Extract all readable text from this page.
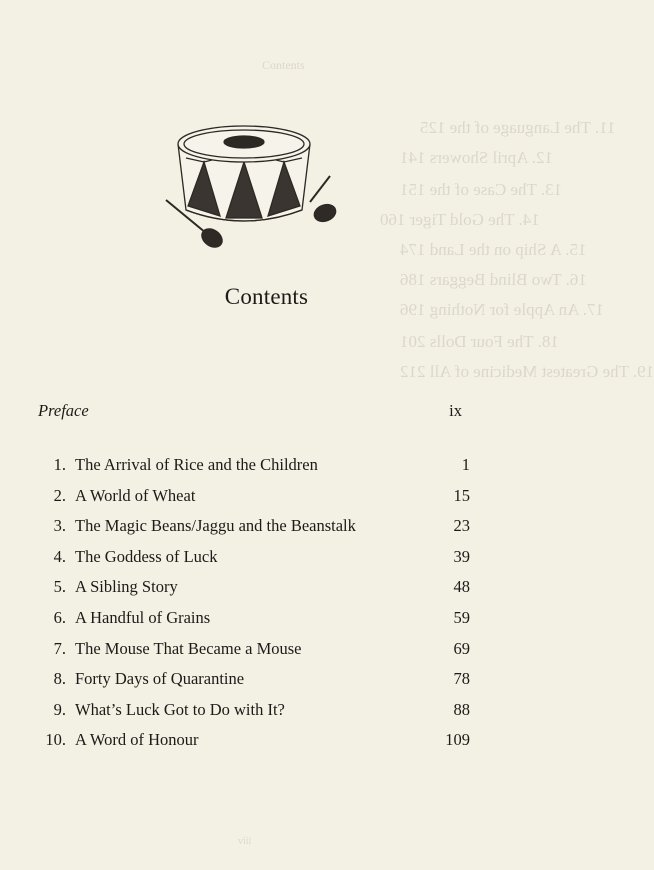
Contents
11. The Language of the 125
12. April Showers 141
13. The Case of the 151
14. The Gold Tiger 160
15. A Ship on the Land 174
16. Two Blind Beggars 186
17. An Apple for Nothing 196
18. The Four Dolls 201
19. The Greatest Medicine of All 212
viii
Contents
Preface	ix
1. The Arrival of Rice and the Children	1
2. A World of Wheat	15
3. The Magic Beans/Jaggu and the Beanstalk	23
4. The Goddess of Luck	39
5. A Sibling Story	48
6. A Handful of Grains	59
7. The Mouse That Became a Mouse	69
8. Forty Days of Quarantine	78
9. What’s Luck Got to Do with It?	88
10. A Word of Honour	109
